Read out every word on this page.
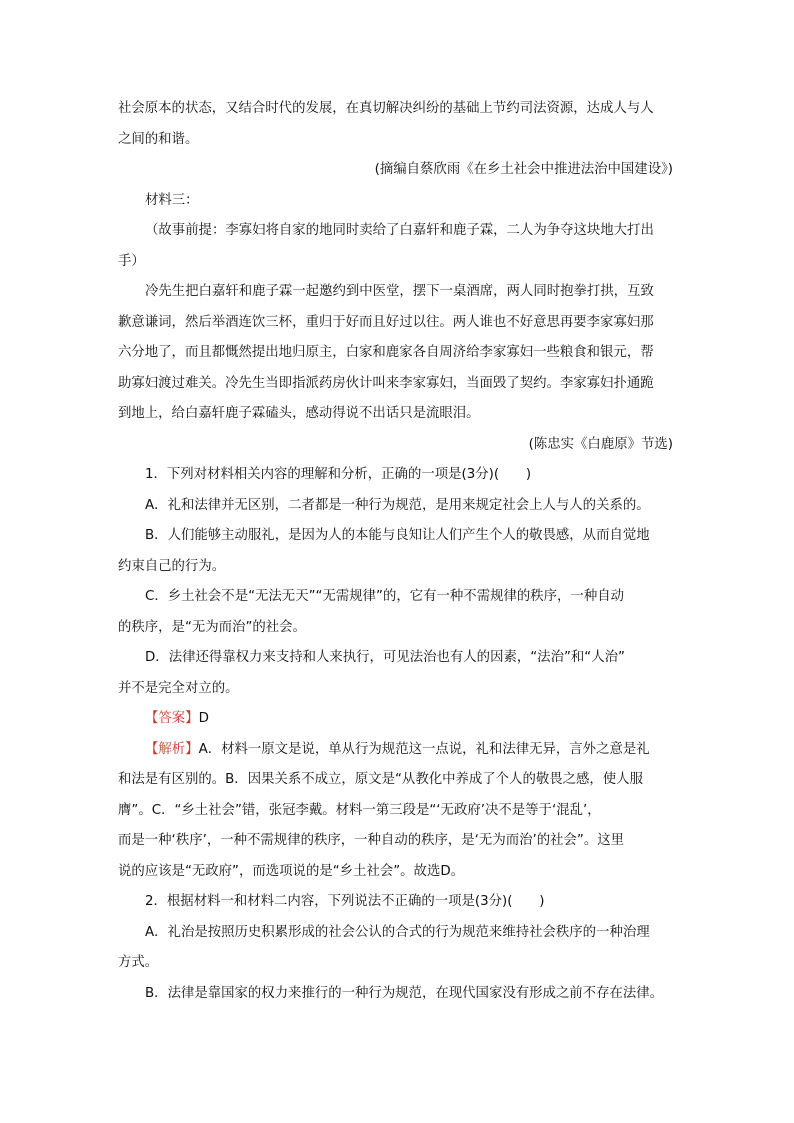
社会原本的状态，又结合时代的发展，在真切解决纠纷的基础上节约司法资源，达成人与人
之间的和谐。
(摘编自蔡欣雨《在乡土社会中推进法治中国建设》)
材料三：
（故事前提：李寡妇将自家的地同时卖给了白嘉轩和鹿子霖，二人为争夺这块地大打出
手）
冷先生把白嘉轩和鹿子霖一起邀约到中医堂，摆下一桌酒席，两人同时抱拳打拱，互致
歉意谦词，然后举酒连饮三杯，重归于好而且好过以往。两人谁也不好意思再要李家寡妇那
六分地了，而且都慨然提出地归原主，白家和鹿家各自周济给李家寡妇一些粮食和银元，帮
助寡妇渡过难关。冷先生当即指派药房伙计叫来李家寡妇，当面毁了契约。李家寡妇扑通跪
到地上，给白嘉轩鹿子霖磕头，感动得说不出话只是流眼泪。
(陈忠实《白鹿原》节选)
1．下列对材料相关内容的理解和分析，正确的一项是(3分)(　　)
A．礼和法律并无区别，二者都是一种行为规范，是用来规定社会上人与人的关系的。
B．人们能够主动服礼，是因为人的本能与良知让人们产生个人的敬畏感，从而自觉地
约束自己的行为。
C．乡土社会不是“无法无天”“无需规律”的，它有一种不需规律的秩序，一种自动
的秩序，是“无为而治”的社会。
D．法律还得靠权力来支持和人来执行，可见法治也有人的因素，“法治”和“人治”
并不是完全对立的。
【答案】D
【解析】A．材料一原文是说，单从行为规范这一点说，礼和法律无异，言外之意是礼
和法是有区别的。B．因果关系不成立，原文是“从教化中养成了个人的敬畏之感，使人服
膺”。C．“乡土社会”错，张冠李戴。材料一第三段是“‘无政府’决不是等于‘混乱’，
而是一种‘秩序’，一种不需规律的秩序，一种自动的秩序，是‘无为而治’的社会”。这里
说的应该是“无政府”，而选项说的是“乡土社会”。故选D。
2．根据材料一和材料二内容，下列说法不正确的一项是(3分)(　　)
A．礼治是按照历史积累形成的社会公认的合式的行为规范来维持社会秩序的一种治理
方式。
B．法律是靠国家的权力来推行的一种行为规范，在现代国家没有形成之前不存在法律。
